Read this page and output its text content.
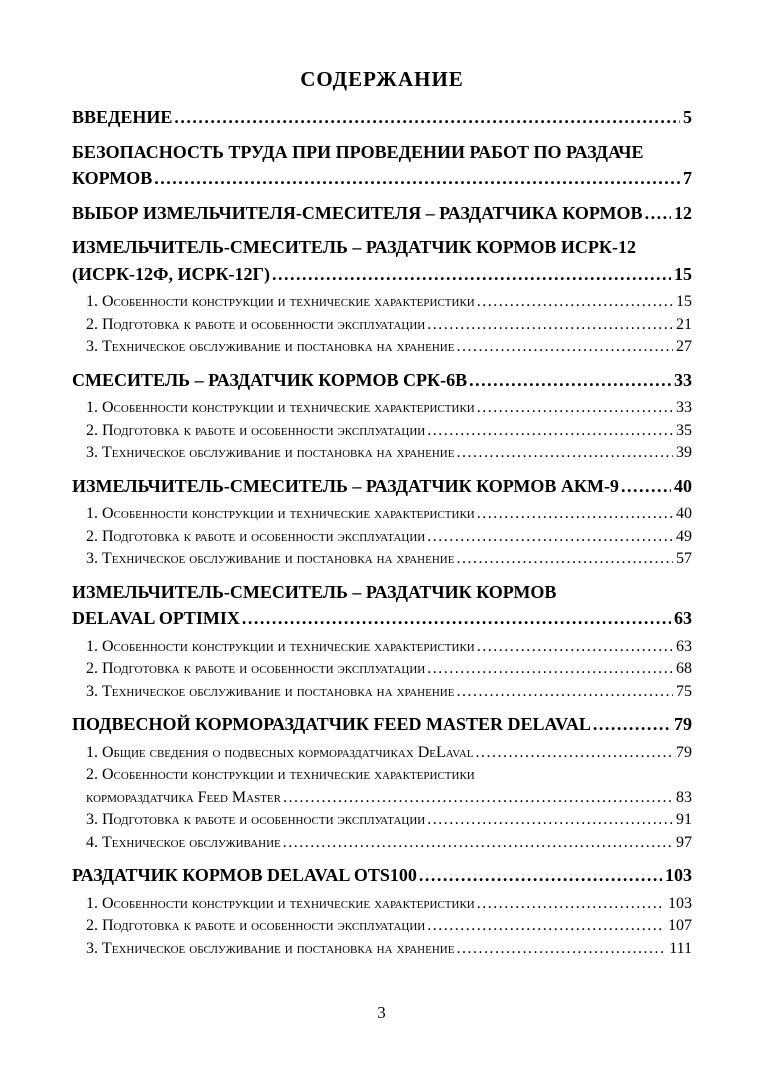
СОДЕРЖАНИЕ
ВВЕДЕНИЕ .....	5
БЕЗОПАСНОСТЬ ТРУДА ПРИ ПРОВЕДЕНИИ РАБОТ ПО РАЗДАЧЕ
КОРМОВ .....	7
ВЫБОР ИЗМЕЛЬЧИТЕЛЯ-СМЕСИТЕЛЯ – РАЗДАТЧИКА КОРМОВ ..... 12
ИЗМЕЛЬЧИТЕЛЬ-СМЕСИТЕЛЬ – РАЗДАТЧИК КОРМОВ ИСРК-12
(ИСРК-12Ф, ИСРК-12Г) .....	15
1. Особенности конструкции и технические характеристики .....	15
2. Подготовка к работе и особенности эксплуатации .....	21
3. Техническое обслуживание и постановка на хранение .....	27
СМЕСИТЕЛЬ – РАЗДАТЧИК КОРМОВ СРК-6В .....	33
1. Особенности конструкции и технические характеристики .....	33
2. Подготовка к работе и особенности эксплуатации .....	35
3. Техническое обслуживание и постановка на хранение .....	39
ИЗМЕЛЬЧИТЕЛЬ-СМЕСИТЕЛЬ – РАЗДАТЧИК КОРМОВ АКМ-9 .....	40
1. Особенности конструкции и технические характеристики .....	40
2. Подготовка к работе и особенности эксплуатации .....	49
3. Техническое обслуживание и постановка на хранение .....	57
ИЗМЕЛЬЧИТЕЛЬ-СМЕСИТЕЛЬ – РАЗДАТЧИК КОРМОВ
DELAVAL OPTIMIX .....	63
1. Особенности конструкции и технические характеристики .....	63
2. Подготовка к работе и особенности эксплуатации .....	68
3. Техническое обслуживание и постановка на хранение .....	75
ПОДВЕСНОЙ КОРМОРАЗДАТЧИК FEED MASTER DELAVAL .....	79
1. Общие сведения о подвесных кормораздатчиках DeLaval .....	79
2. Особенности конструкции и технические характеристики
кормораздатчика Feed Master .....	83
3. Подготовка к работе и особенности эксплуатации .....	91
4. Техническое обслуживание .....	97
РАЗДАТЧИК КОРМОВ DELAVAL OTS100 .....	103
1. Особенности конструкции и технические характеристики .....	103
2. Подготовка к работе и особенности эксплуатации .....	107
3. Техническое обслуживание и постановка на хранение .....	111
3
